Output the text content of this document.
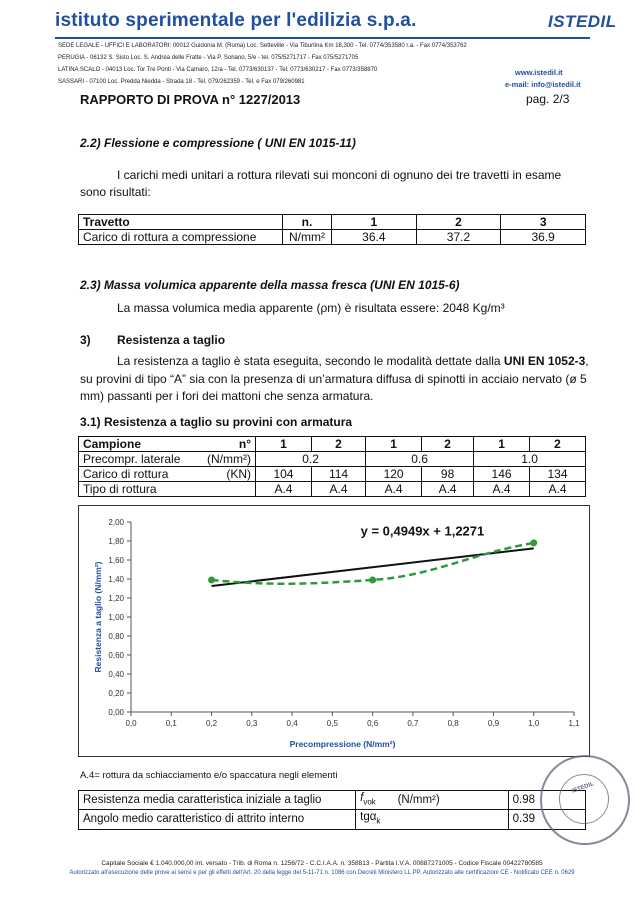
istituto sperimentale per l'edilizia s.p.a.	ISTEDIL
SEDE LEGALE - UFFICI E LABORATORI: 00012 Guidonia M. (Roma) Loc. Setteville - Via Tiburtina Km 18,300 - Tel. 0774/353580 r.a. - Fax 0774/353762
PERUGIA - 06132 S. Sisto Loc. S. Andrea delle Fratte - Via P. Soriano, 5/e - tel. 075/5271717 - Fax 075/5271705
LATINA SCALO - 04013 Loc. Tor Tre Ponti - Via Camaro, 12/a - Tel. 0773/630137 - Tel. 0773/630217 - Fax 0773/358870
SASSARI - 07100 Loc. Predda Niedda - Strada 18 - Tel. 079/262359 - Tel. e Fax 079/260981
www.istedil.it
e-mail: info@istedil.it
RAPPORTO DI PROVA n° 1227/2013	pag. 2/3
2.2) Flessione e compressione ( UNI EN 1015-11)
I carichi medi unitari a rottura rilevati sui monconi di ognuno dei tre travetti in esame
sono risultati:
Travetto	n.	1	2	3
Carico di rottura a compressione	N/mm²	36.4	37.2	36.9
2.3) Massa volumica apparente della massa fresca (UNI EN 1015-6)
La massa volumica media apparente (ρm) è risultata essere: 2048 Kg/m³
3) Resistenza a taglio
La resistenza a taglio è stata eseguita, secondo le modalità dettate dalla UNI EN 1052-3,
su provini di tipo “A” sia con la presenza di un’armatura diffusa di spinotti in acciaio nervato (ø 5
mm) passanti per i fori dei mattoni che senza armatura.
3.1) Resistenza a taglio su provini con armatura
Campione	n°	1	2	1	2	1	2
Precompr. laterale	(N/mm²)	0.2		0.6		1.0	
Carico di rottura	(KN)	104	114	120	98	146	134
Tipo di rottura		A.4	A.4	A.4	A.4	A.4	A.4
0,00
0,20
0,40
0,60
0,80
1,00
1,20
1,40
1,60
1,80
2,00
0,0	0,1	0,2	0,3	0,4	0,5	0,6	0,7	0,8	0,9	1,0	1,1
Precompressione (N/mm²)
Resistenza a taglio (N/mm²)
y = 0,4949x + 1,2271
A.4= rottura da schiacciamento e/o spaccatura negli elementi
Resistenza media caratteristica iniziale a taglio	$f_{vok}$	(N/mm²)	0.98
Angolo medio caratteristico di attrito interno	tgα$_k$		0.39
ISTEDIL
Capitale Sociale € 1.040.000,00 int. versato - Trib. di Roma n. 1256/72 - C.C.I.A.A. n. 358813 - Partita I.V.A. 00887271005 - Codice Fiscale 00422780585
Autorizzato all'esecuzione delle prove ai sensi e per gli effetti dell'Art. 20 della legge del 5-11-71 n. 1086 con Decreti Ministero LL.PP. Autorizzato alle certificazioni CE - Notificato CEE n. 0629
